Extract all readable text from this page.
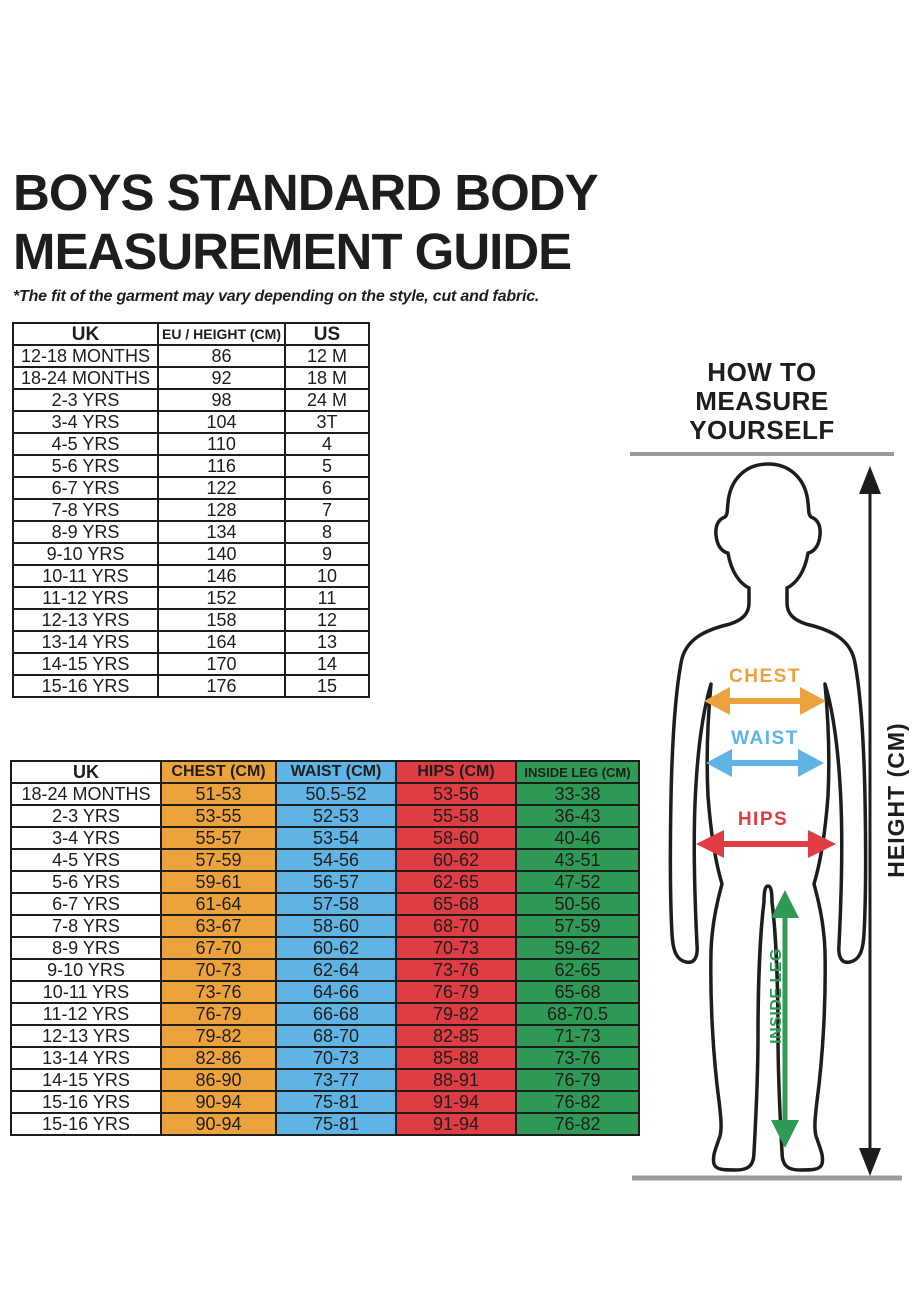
BOYS STANDARD BODY
MEASUREMENT GUIDE
*The fit of the garment may vary depending on the style, cut and fabric.
UK	EU / HEIGHT (CM)	US
12-18 MONTHS	86	12 M
18-24 MONTHS	92	18 M
2-3 YRS	98	24 M
3-4 YRS	104	3T
4-5 YRS	110	4
5-6 YRS	116	5
6-7 YRS	122	6
7-8 YRS	128	7
8-9 YRS	134	8
9-10 YRS	140	9
10-11 YRS	146	10
11-12 YRS	152	11
12-13 YRS	158	12
13-14 YRS	164	13
14-15 YRS	170	14
15-16 YRS	176	15
UK	CHEST (CM)	WAIST (CM)	HIPS (CM)	INSIDE LEG (CM)
18-24 MONTHS	51-53	50.5-52	53-56	33-38
2-3 YRS	53-55	52-53	55-58	36-43
3-4 YRS	55-57	53-54	58-60	40-46
4-5 YRS	57-59	54-56	60-62	43-51
5-6 YRS	59-61	56-57	62-65	47-52
6-7 YRS	61-64	57-58	65-68	50-56
7-8 YRS	63-67	58-60	68-70	57-59
8-9 YRS	67-70	60-62	70-73	59-62
9-10 YRS	70-73	62-64	73-76	62-65
10-11 YRS	73-76	64-66	76-79	65-68
11-12 YRS	76-79	66-68	79-82	68-70.5
12-13 YRS	79-82	68-70	82-85	71-73
13-14 YRS	82-86	70-73	85-88	73-76
14-15 YRS	86-90	73-77	88-91	76-79
15-16 YRS	90-94	75-81	91-94	76-82
15-16 YRS	90-94	75-81	91-94	76-82
HOW TO
MEASURE YOURSELF
HEIGHT (CM)
CHEST
WAIST
HIPS
INSIDE LEG
